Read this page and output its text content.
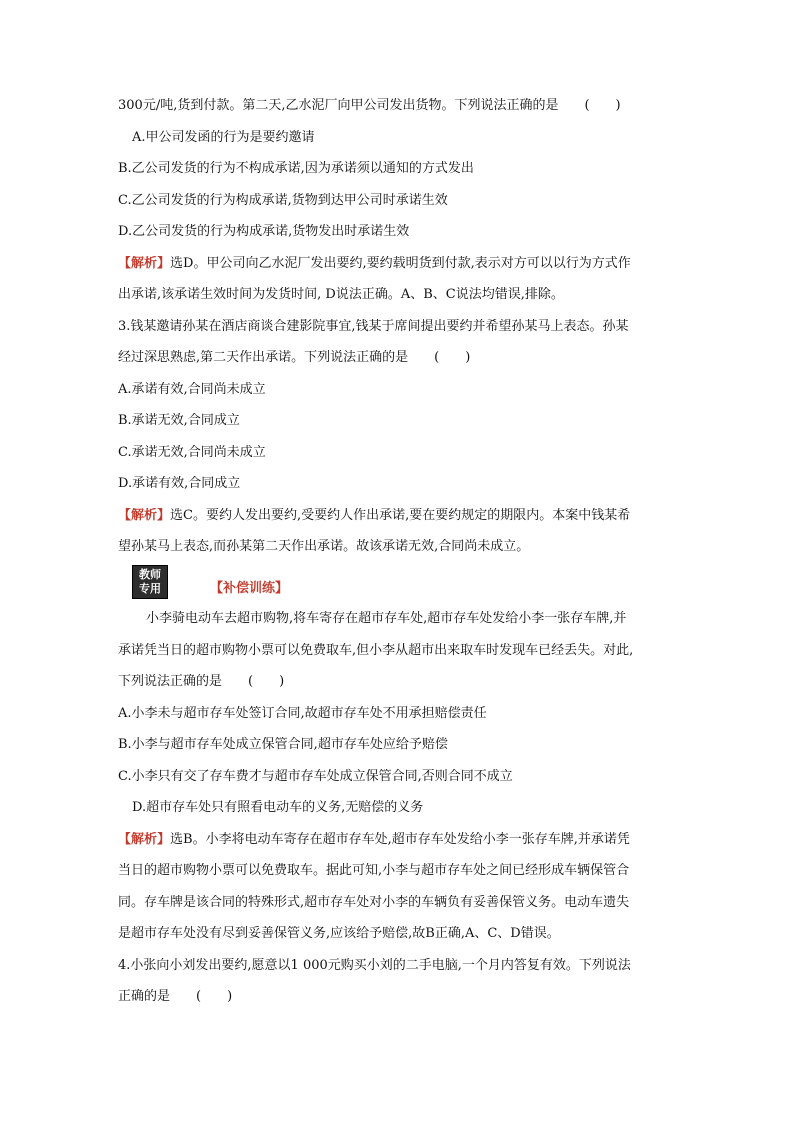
300元/吨,货到付款。第二天,乙水泥厂向甲公司发出货物。下列说法正确的是　　(　　)
A.甲公司发函的行为是要约邀请
B.乙公司发货的行为不构成承诺,因为承诺须以通知的方式发出
C.乙公司发货的行为构成承诺,货物到达甲公司时承诺生效
D.乙公司发货的行为构成承诺,货物发出时承诺生效
【解析】选D。甲公司向乙水泥厂发出要约,要约载明货到付款,表示对方可以以行为方式作
出承诺,该承诺生效时间为发货时间, D说法正确。A、B、C说法均错误,排除。
3.钱某邀请孙某在酒店商谈合建影院事宜,钱某于席间提出要约并希望孙某马上表态。孙某
经过深思熟虑,第二天作出承诺。下列说法正确的是　　(　　)
A.承诺有效,合同尚未成立
B.承诺无效,合同成立
C.承诺无效,合同尚未成立
D.承诺有效,合同成立
【解析】选C。要约人发出要约,受要约人作出承诺,要在要约规定的期限内。本案中钱某希
望孙某马上表态,而孙某第二天作出承诺。故该承诺无效,合同尚未成立。
教师
专用	【补偿训练】
小李骑电动车去超市购物,将车寄存在超市存车处,超市存车处发给小李一张存车牌,并
承诺凭当日的超市购物小票可以免费取车,但小李从超市出来取车时发现车已经丢失。对此,
下列说法正确的是　　(　　)
A.小李未与超市存车处签订合同,故超市存车处不用承担赔偿责任
B.小李与超市存车处成立保管合同,超市存车处应给予赔偿
C.小李只有交了存车费才与超市存车处成立保管合同,否则合同不成立
D.超市存车处只有照看电动车的义务,无赔偿的义务
【解析】选B。小李将电动车寄存在超市存车处,超市存车处发给小李一张存车牌,并承诺凭
当日的超市购物小票可以免费取车。据此可知,小李与超市存车处之间已经形成车辆保管合
同。存车牌是该合同的特殊形式,超市存车处对小李的车辆负有妥善保管义务。电动车遗失
是超市存车处没有尽到妥善保管义务,应该给予赔偿,故B正确,A、C、D错误。
4.小张向小刘发出要约,愿意以1 000元购买小刘的二手电脑,一个月内答复有效。下列说法
正确的是　　(　　)
